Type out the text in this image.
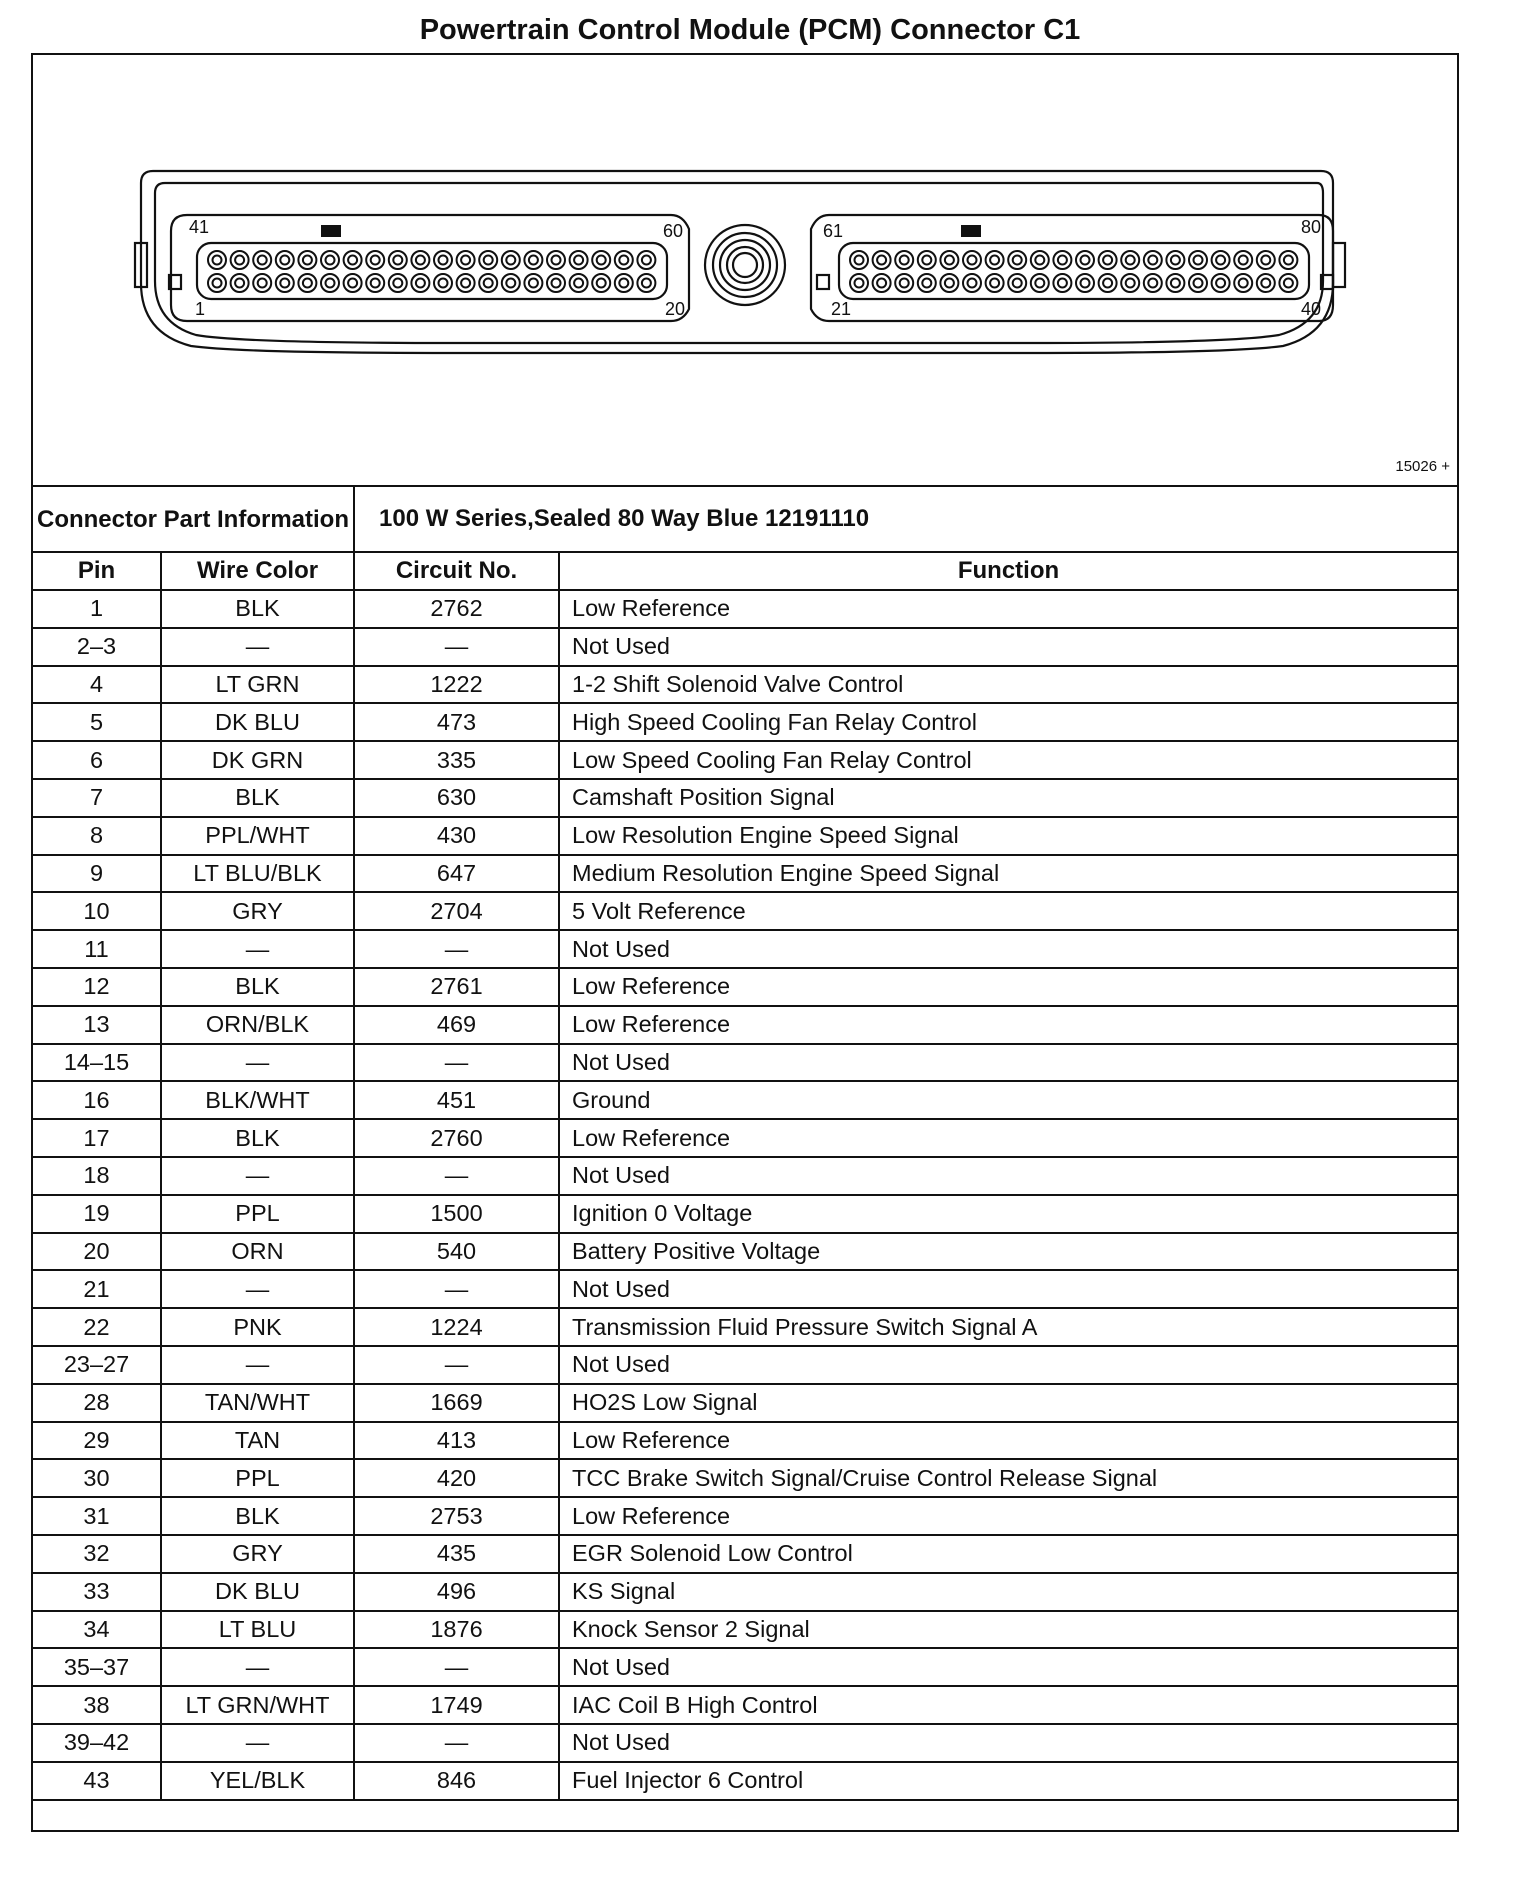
Powertrain Control Module (PCM) Connector C1
41	60
1	20
61	80
21	40
15026 +
Connector Part Information	100 W Series,Sealed 80 Way Blue 12191110
Pin	Wire Color	Circuit No.	Function
1	BLK	2762	Low Reference
2–3	—	—	Not Used
4	LT GRN	1222	1-2 Shift Solenoid Valve Control
5	DK BLU	473	High Speed Cooling Fan Relay Control
6	DK GRN	335	Low Speed Cooling Fan Relay Control
7	BLK	630	Camshaft Position Signal
8	PPL/WHT	430	Low Resolution Engine Speed Signal
9	LT BLU/BLK	647	Medium Resolution Engine Speed Signal
10	GRY	2704	5 Volt Reference
11	—	—	Not Used
12	BLK	2761	Low Reference
13	ORN/BLK	469	Low Reference
14–15	—	—	Not Used
16	BLK/WHT	451	Ground
17	BLK	2760	Low Reference
18	—	—	Not Used
19	PPL	1500	Ignition 0 Voltage
20	ORN	540	Battery Positive Voltage
21	—	—	Not Used
22	PNK	1224	Transmission Fluid Pressure Switch Signal A
23–27	—	—	Not Used
28	TAN/WHT	1669	HO2S Low Signal
29	TAN	413	Low Reference
30	PPL	420	TCC Brake Switch Signal/Cruise Control Release Signal
31	BLK	2753	Low Reference
32	GRY	435	EGR Solenoid Low Control
33	DK BLU	496	KS Signal
34	LT BLU	1876	Knock Sensor 2 Signal
35–37	—	—	Not Used
38	LT GRN/WHT	1749	IAC Coil B High Control
39–42	—	—	Not Used
43	YEL/BLK	846	Fuel Injector 6 Control
